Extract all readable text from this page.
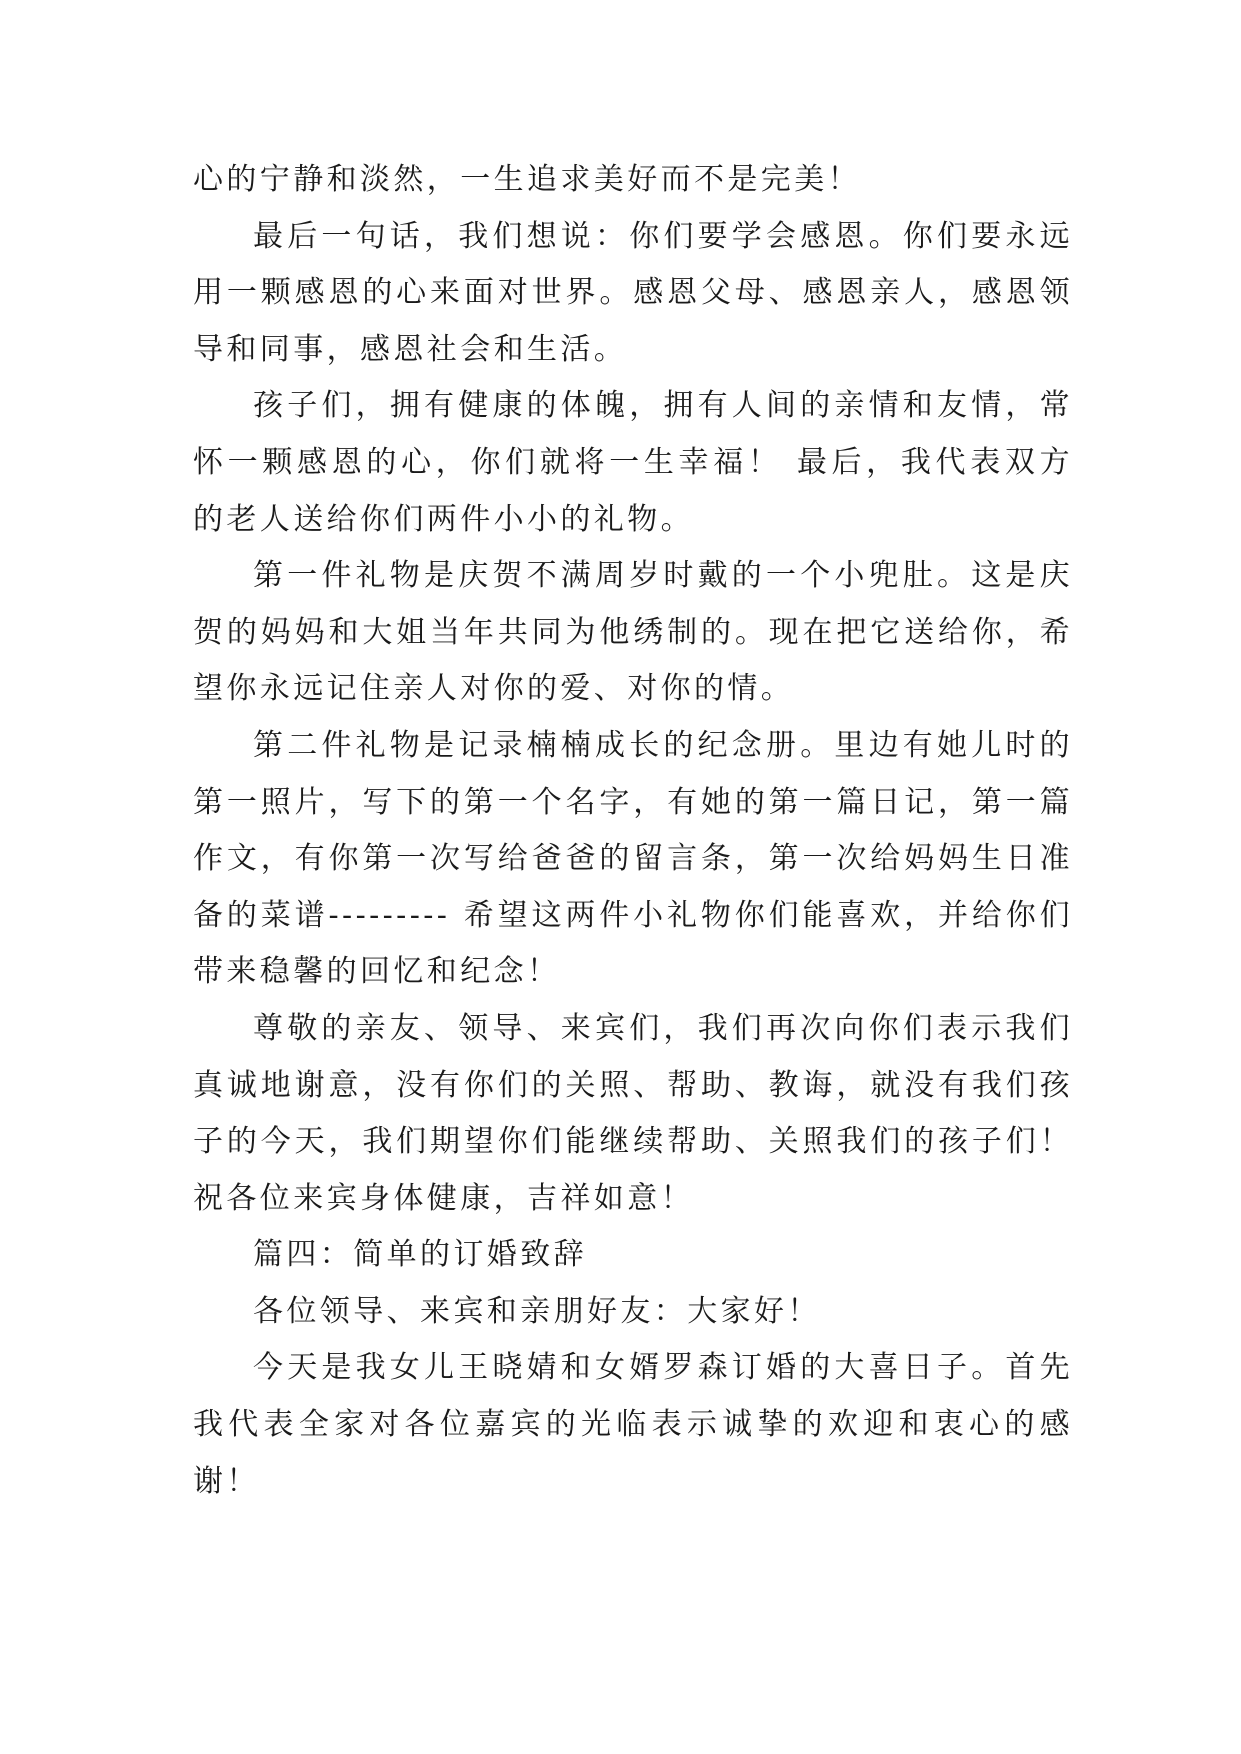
心的宁静和淡然，一生追求美好而不是完美！

最后一句话，我们想说：你们要学会感恩。你们要永远用一颗感恩的心来面对世界。感恩父母、感恩亲人，感恩领导和同事，感恩社会和生活。

孩子们，拥有健康的体魄，拥有人间的亲情和友情，常怀一颗感恩的心，你们就将一生幸福！ 最后，我代表双方的老人送给你们两件小小的礼物。

第一件礼物是庆贺不满周岁时戴的一个小兜肚。这是庆贺的妈妈和大姐当年共同为他绣制的。现在把它送给你，希望你永远记住亲人对你的爱、对你的情。

第二件礼物是记录楠楠成长的纪念册。里边有她儿时的第一照片，写下的第一个名字，有她的第一篇日记，第一篇作文，有你第一次写给爸爸的留言条，第一次给妈妈生日准备的菜谱--------- 希望这两件小礼物你们能喜欢，并给你们带来稳馨的回忆和纪念！

尊敬的亲友、领导、来宾们，我们再次向你们表示我们真诚地谢意，没有你们的关照、帮助、教诲，就没有我们孩子的今天，我们期望你们能继续帮助、关照我们的孩子们！祝各位来宾身体健康，吉祥如意！

篇四：简单的订婚致辞

各位领导、来宾和亲朋好友：大家好！

今天是我女儿王晓婧和女婿罗森订婚的大喜日子。首先我代表全家对各位嘉宾的光临表示诚挚的欢迎和衷心的感谢！
